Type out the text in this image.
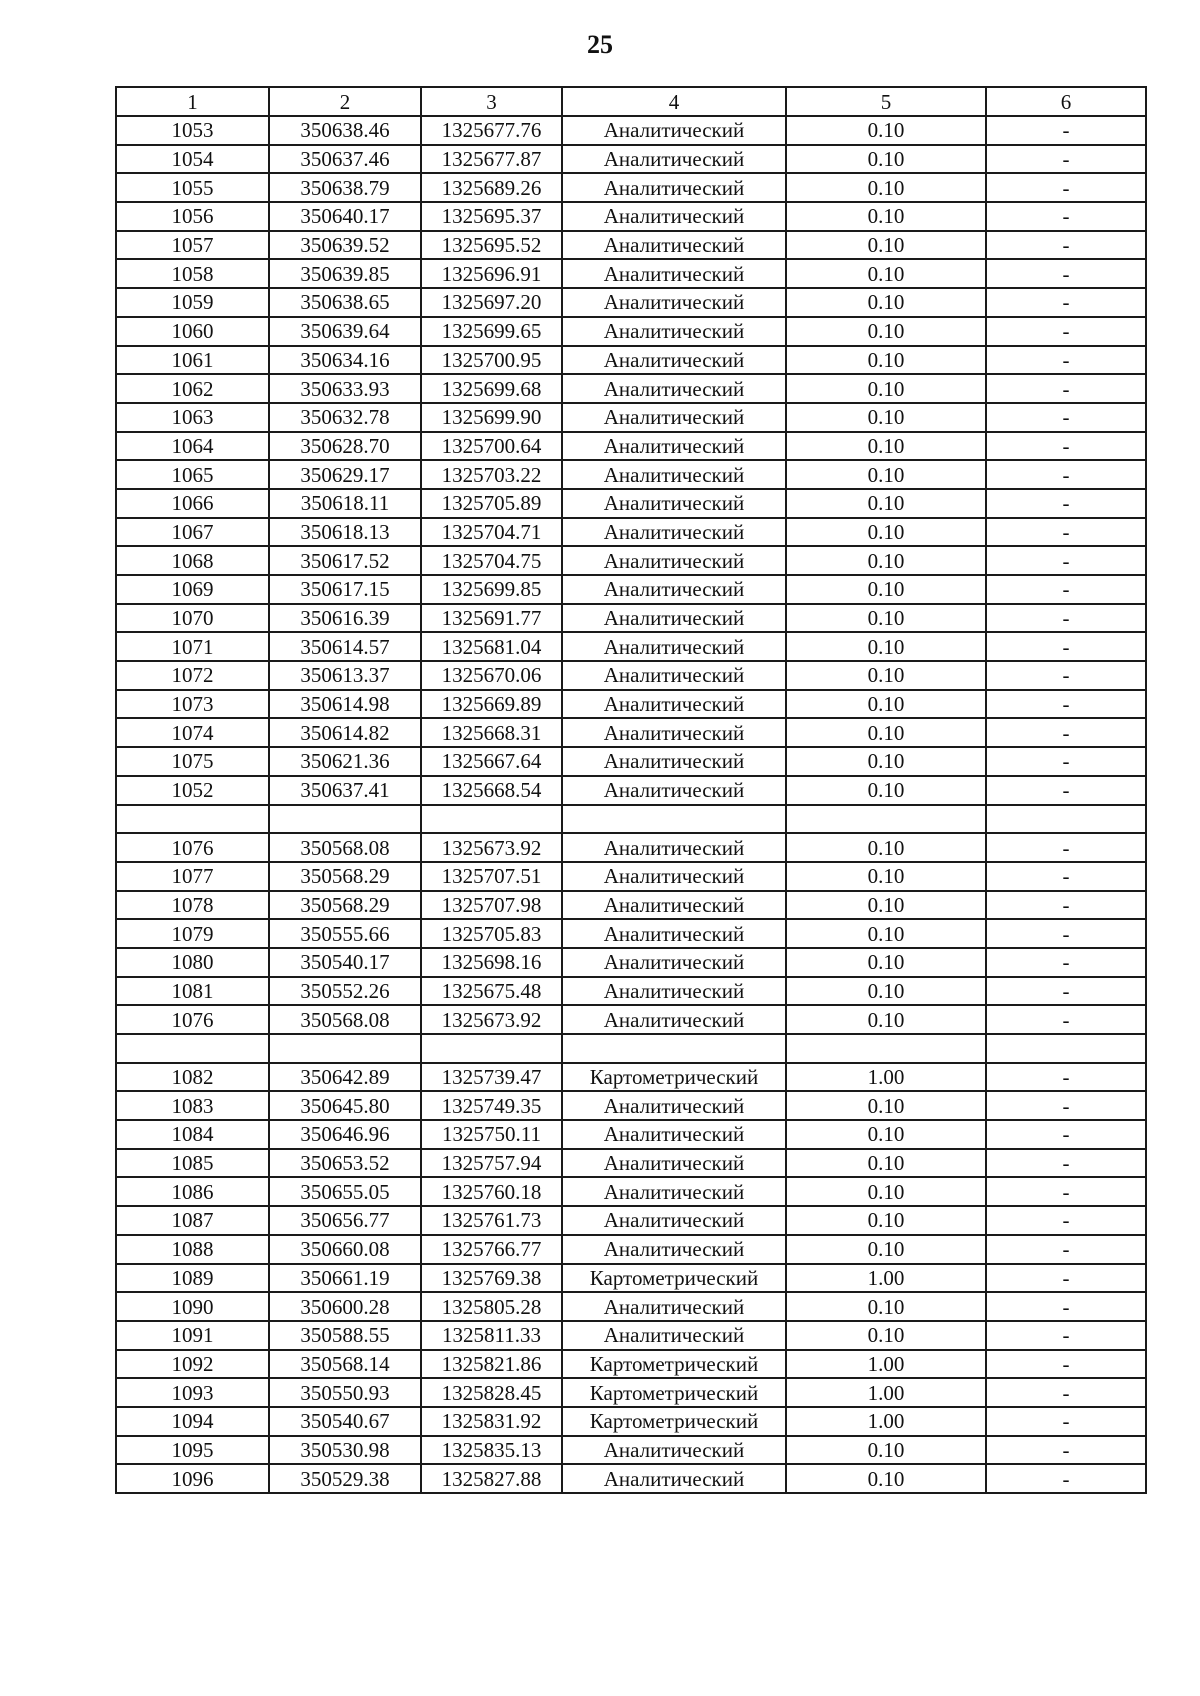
25
1	2	3	4	5	6
1053	350638.46	1325677.76	Аналитический	0.10	-
1054	350637.46	1325677.87	Аналитический	0.10	-
1055	350638.79	1325689.26	Аналитический	0.10	-
1056	350640.17	1325695.37	Аналитический	0.10	-
1057	350639.52	1325695.52	Аналитический	0.10	-
1058	350639.85	1325696.91	Аналитический	0.10	-
1059	350638.65	1325697.20	Аналитический	0.10	-
1060	350639.64	1325699.65	Аналитический	0.10	-
1061	350634.16	1325700.95	Аналитический	0.10	-
1062	350633.93	1325699.68	Аналитический	0.10	-
1063	350632.78	1325699.90	Аналитический	0.10	-
1064	350628.70	1325700.64	Аналитический	0.10	-
1065	350629.17	1325703.22	Аналитический	0.10	-
1066	350618.11	1325705.89	Аналитический	0.10	-
1067	350618.13	1325704.71	Аналитический	0.10	-
1068	350617.52	1325704.75	Аналитический	0.10	-
1069	350617.15	1325699.85	Аналитический	0.10	-
1070	350616.39	1325691.77	Аналитический	0.10	-
1071	350614.57	1325681.04	Аналитический	0.10	-
1072	350613.37	1325670.06	Аналитический	0.10	-
1073	350614.98	1325669.89	Аналитический	0.10	-
1074	350614.82	1325668.31	Аналитический	0.10	-
1075	350621.36	1325667.64	Аналитический	0.10	-
1052	350637.41	1325668.54	Аналитический	0.10	-

1076	350568.08	1325673.92	Аналитический	0.10	-
1077	350568.29	1325707.51	Аналитический	0.10	-
1078	350568.29	1325707.98	Аналитический	0.10	-
1079	350555.66	1325705.83	Аналитический	0.10	-
1080	350540.17	1325698.16	Аналитический	0.10	-
1081	350552.26	1325675.48	Аналитический	0.10	-
1076	350568.08	1325673.92	Аналитический	0.10	-

1082	350642.89	1325739.47	Картометрический	1.00	-
1083	350645.80	1325749.35	Аналитический	0.10	-
1084	350646.96	1325750.11	Аналитический	0.10	-
1085	350653.52	1325757.94	Аналитический	0.10	-
1086	350655.05	1325760.18	Аналитический	0.10	-
1087	350656.77	1325761.73	Аналитический	0.10	-
1088	350660.08	1325766.77	Аналитический	0.10	-
1089	350661.19	1325769.38	Картометрический	1.00	-
1090	350600.28	1325805.28	Аналитический	0.10	-
1091	350588.55	1325811.33	Аналитический	0.10	-
1092	350568.14	1325821.86	Картометрический	1.00	-
1093	350550.93	1325828.45	Картометрический	1.00	-
1094	350540.67	1325831.92	Картометрический	1.00	-
1095	350530.98	1325835.13	Аналитический	0.10	-
1096	350529.38	1325827.88	Аналитический	0.10	-
